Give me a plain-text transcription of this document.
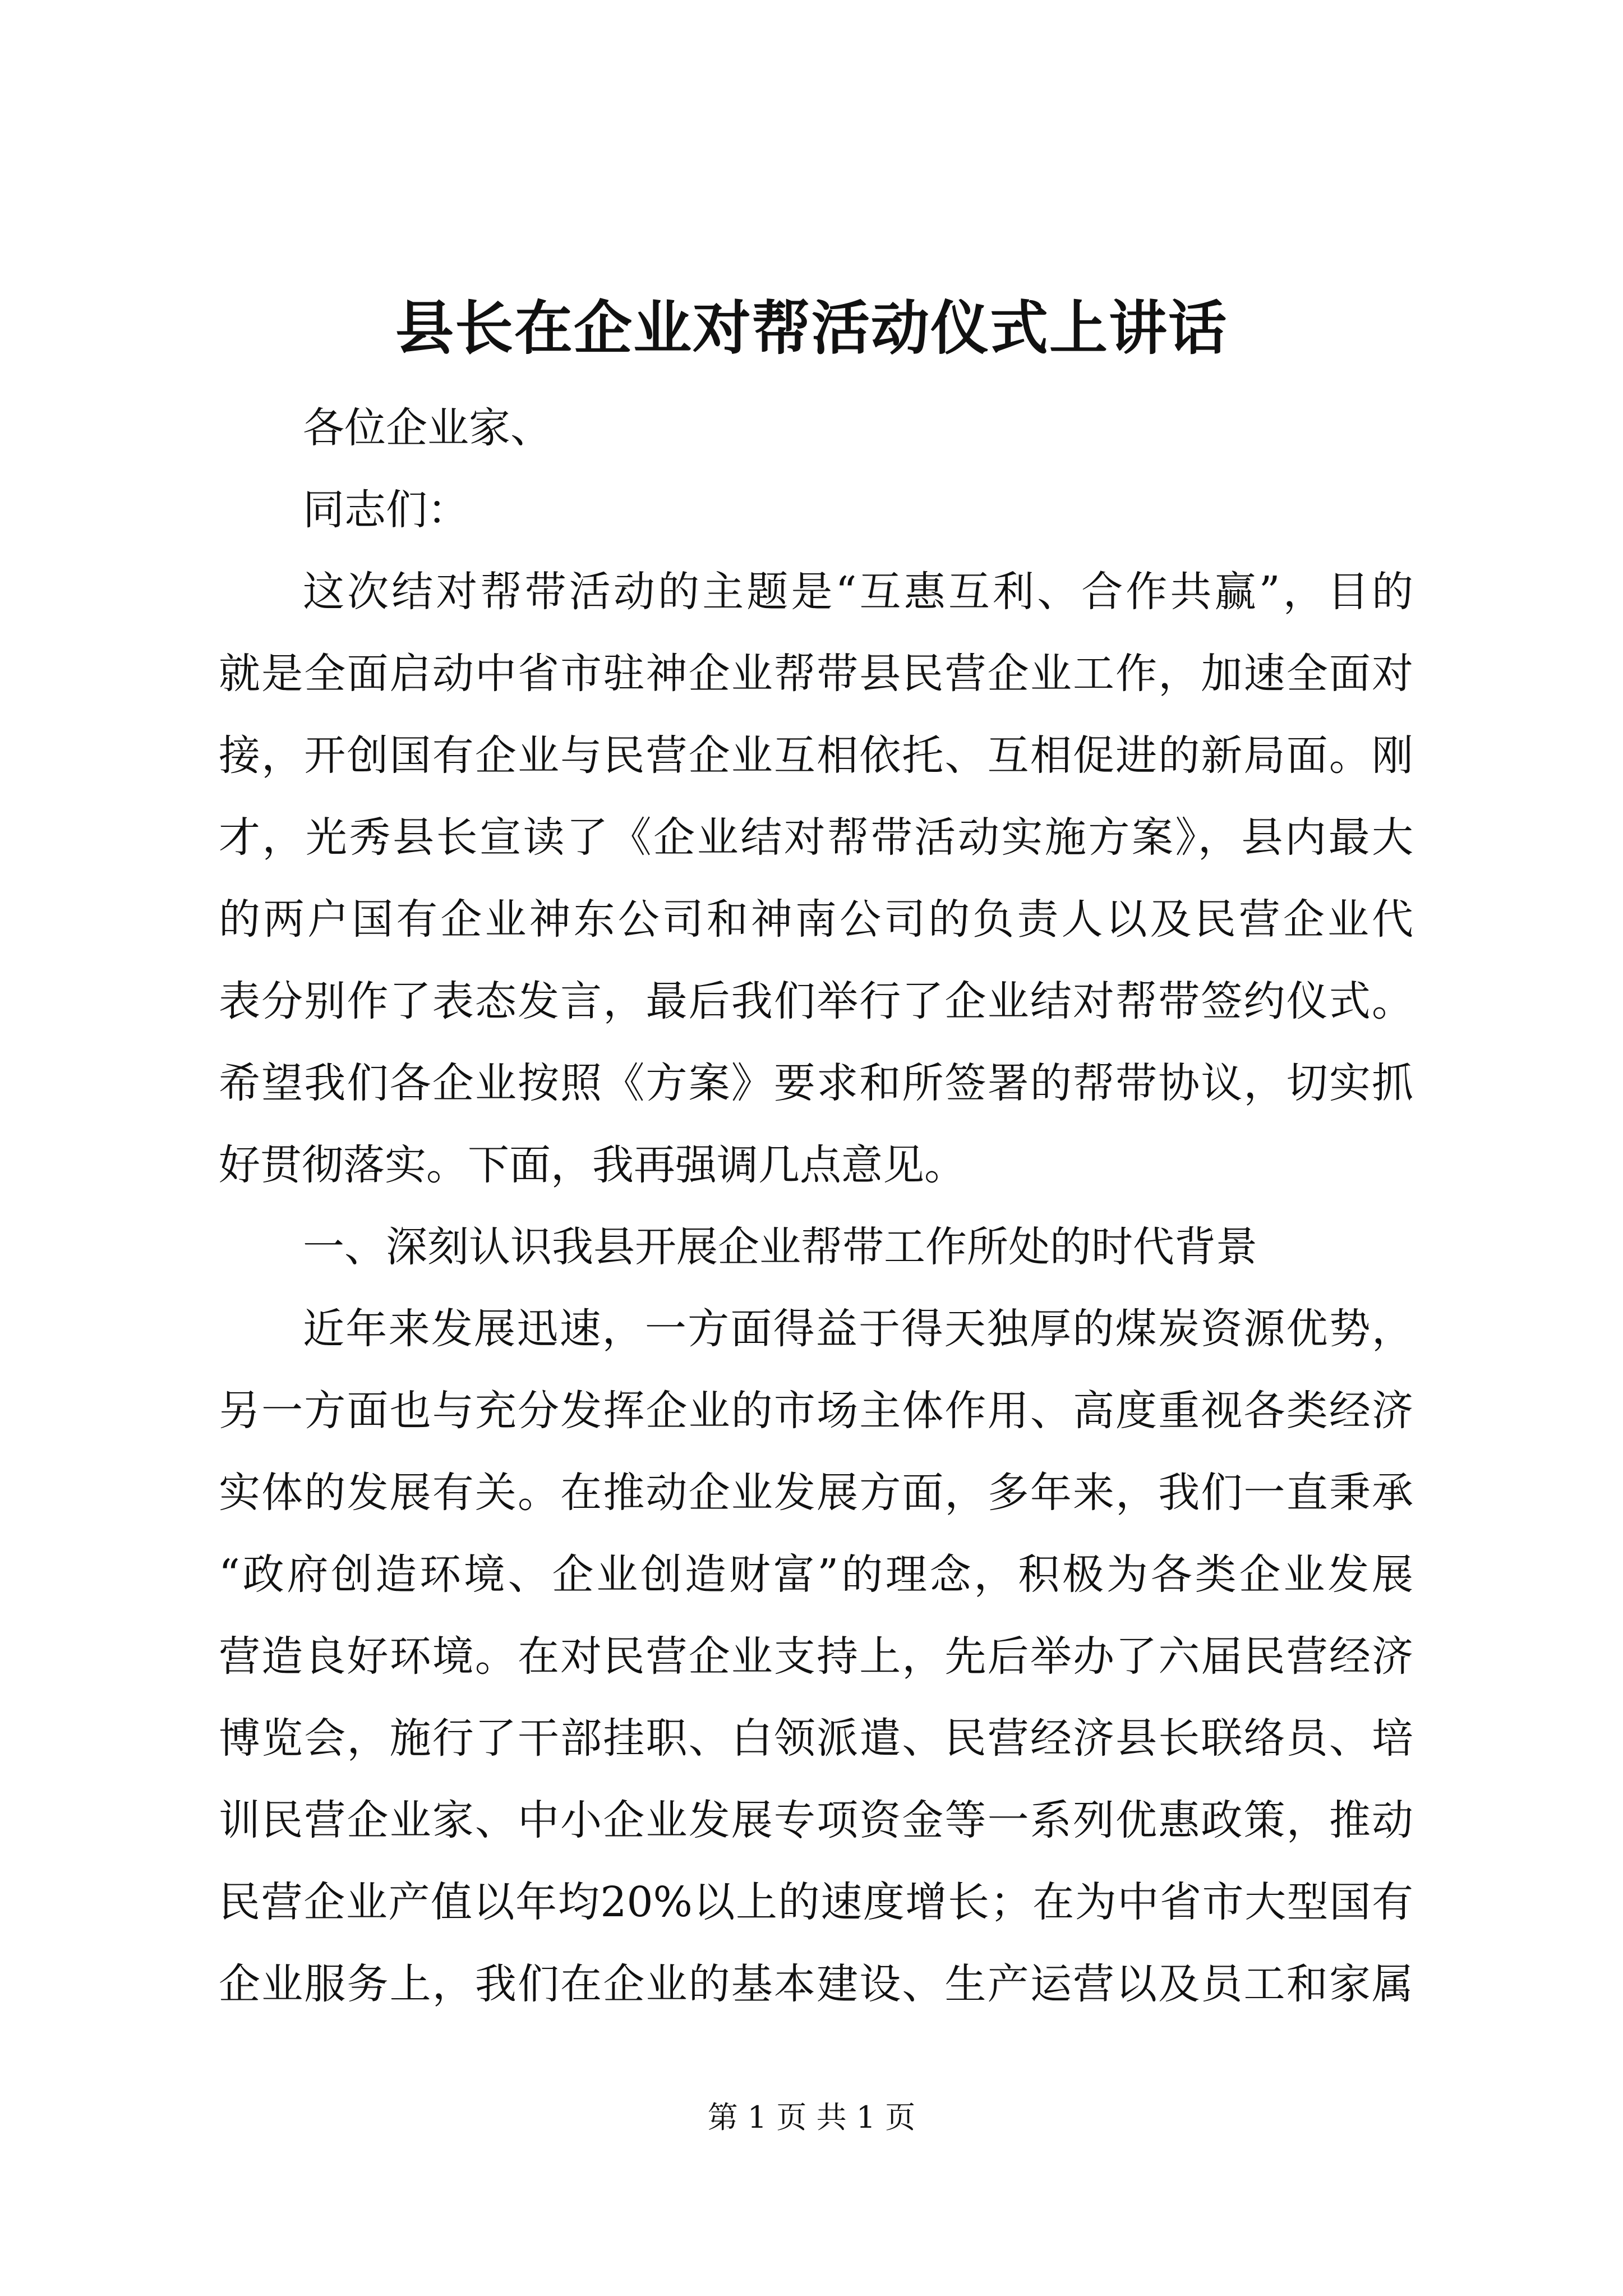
县长在企业对帮活动仪式上讲话
各位企业家、
同志们：
这次结对帮带活动的主题是“互惠互利、合作共赢”，目的
就是全面启动中省市驻神企业帮带县民营企业工作，加速全面对
接，开创国有企业与民营企业互相依托、互相促进的新局面。刚
才，光秀县长宣读了《企业结对帮带活动实施方案》，县内最大
的两户国有企业神东公司和神南公司的负责人以及民营企业代
表分别作了表态发言，最后我们举行了企业结对帮带签约仪式。
希望我们各企业按照《方案》要求和所签署的帮带协议，切实抓
好贯彻落实。下面，我再强调几点意见。
一、深刻认识我县开展企业帮带工作所处的时代背景
近年来发展迅速，一方面得益于得天独厚的煤炭资源优势，
另一方面也与充分发挥企业的市场主体作用、高度重视各类经济
实体的发展有关。在推动企业发展方面，多年来，我们一直秉承
“政府创造环境、企业创造财富”的理念，积极为各类企业发展
营造良好环境。在对民营企业支持上，先后举办了六届民营经济
博览会，施行了干部挂职、白领派遣、民营经济县长联络员、培
训民营企业家、中小企业发展专项资金等一系列优惠政策，推动
民营企业产值以年均20%以上的速度增长；在为中省市大型国有
企业服务上，我们在企业的基本建设、生产运营以及员工和家属
第 1 页 共 1 页
